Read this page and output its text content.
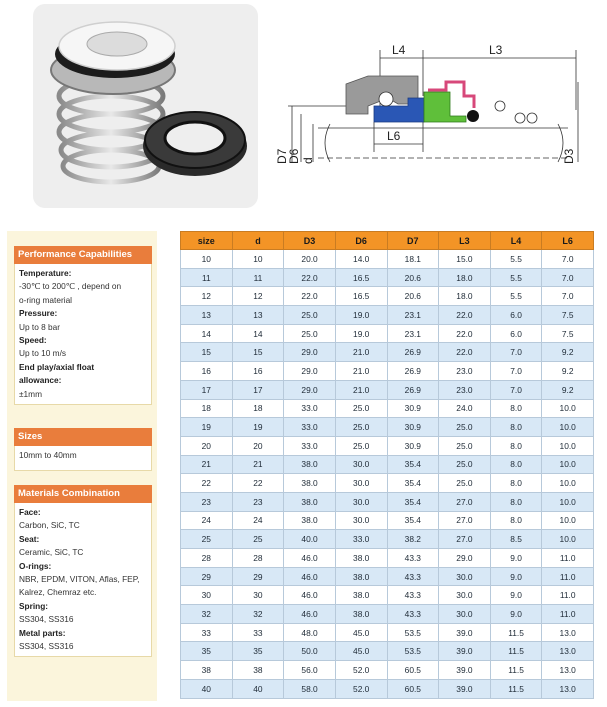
L4	L3
L6
D7
D6 d	D3
Performance Capabilities
Temperature:
-30℃ to 200℃ , depend on
o-ring material
Pressure:
Up to 8 bar
Speed:
Up to 10 m/s
End play/axial float
allowance:
±1mm
Sizes
10mm to 40mm
Materials Combination
Face:
Carbon, SiC, TC
Seat:
Ceramic, SiC, TC
O-rings:
NBR, EPDM, VITON, Aflas, FEP,
Kalrez, Chemraz etc.
Spring:
SS304, SS316
Metal parts:
SS304, SS316
size	d	D3	D6	D7	L3	L4	L6
10	10	20.0	14.0	18.1	15.0	5.5	7.0
11	11	22.0	16.5	20.6	18.0	5.5	7.0
12	12	22.0	16.5	20.6	18.0	5.5	7.0
13	13	25.0	19.0	23.1	22.0	6.0	7.5
14	14	25.0	19.0	23.1	22.0	6.0	7.5
15	15	29.0	21.0	26.9	22.0	7.0	9.2
16	16	29.0	21.0	26.9	23.0	7.0	9.2
17	17	29.0	21.0	26.9	23.0	7.0	9.2
18	18	33.0	25.0	30.9	24.0	8.0	10.0
19	19	33.0	25.0	30.9	25.0	8.0	10.0
20	20	33.0	25.0	30.9	25.0	8.0	10.0
21	21	38.0	30.0	35.4	25.0	8.0	10.0
22	22	38.0	30.0	35.4	25.0	8.0	10.0
23	23	38.0	30.0	35.4	27.0	8.0	10.0
24	24	38.0	30.0	35.4	27.0	8.0	10.0
25	25	40.0	33.0	38.2	27.0	8.5	10.0
28	28	46.0	38.0	43.3	29.0	9.0	11.0
29	29	46.0	38.0	43.3	30.0	9.0	11.0
30	30	46.0	38.0	43.3	30.0	9.0	11.0
32	32	46.0	38.0	43.3	30.0	9.0	11.0
33	33	48.0	45.0	53.5	39.0	11.5	13.0
35	35	50.0	45.0	53.5	39.0	11.5	13.0
38	38	56.0	52.0	60.5	39.0	11.5	13.0
40	40	58.0	52.0	60.5	39.0	11.5	13.0
